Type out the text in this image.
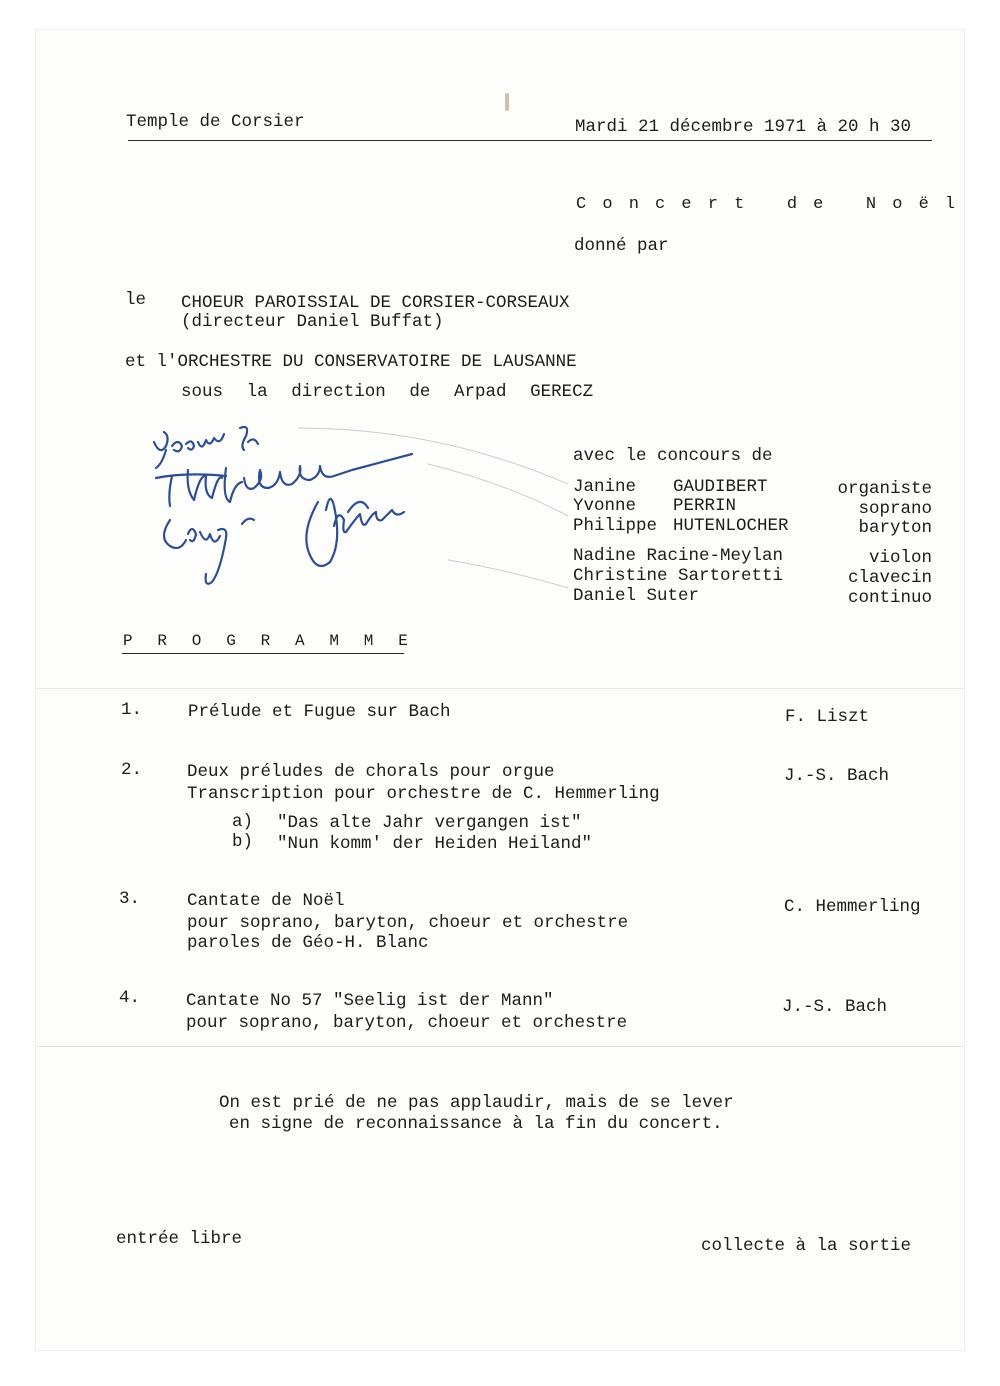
Temple de Corsier	Mardi 21 décembre 1971 à 20 h 30
Concert de Noël
donné par
le CHOEUR PAROISSIAL DE CORSIER-CORSEAUX
(directeur Daniel Buffat)
et l'ORCHESTRE DU CONSERVATOIRE DE LAUSANNE
sous la direction de Arpad GERECZ
avec le concours de
Janine GAUDIBERT	organiste
Yvonne PERRIN	soprano
Philippe HUTENLOCHER	baryton
Nadine Racine-Meylan	violon
Christine Sartoretti	clavecin
Daniel Suter	continuo
PROGRAMME
1.	Prélude et Fugue sur Bach	F. Liszt
2.	Deux préludes de chorals pour orgue
Transcription pour orchestre de C. Hemmerling
J.-S. Bach
a) "Das alte Jahr vergangen ist"
b) "Nun komm' der Heiden Heiland"
3.	Cantate de Noël
pour soprano, baryton, choeur et orchestre
paroles de Géo-H. Blanc
C. Hemmerling
4.	Cantate No 57 "Seelig ist der Mann"
pour soprano, baryton, choeur et orchestre
J.-S. Bach
On est prié de ne pas applaudir, mais de se lever
en signe de reconnaissance à la fin du concert.
entrée libre	collecte à la sortie
